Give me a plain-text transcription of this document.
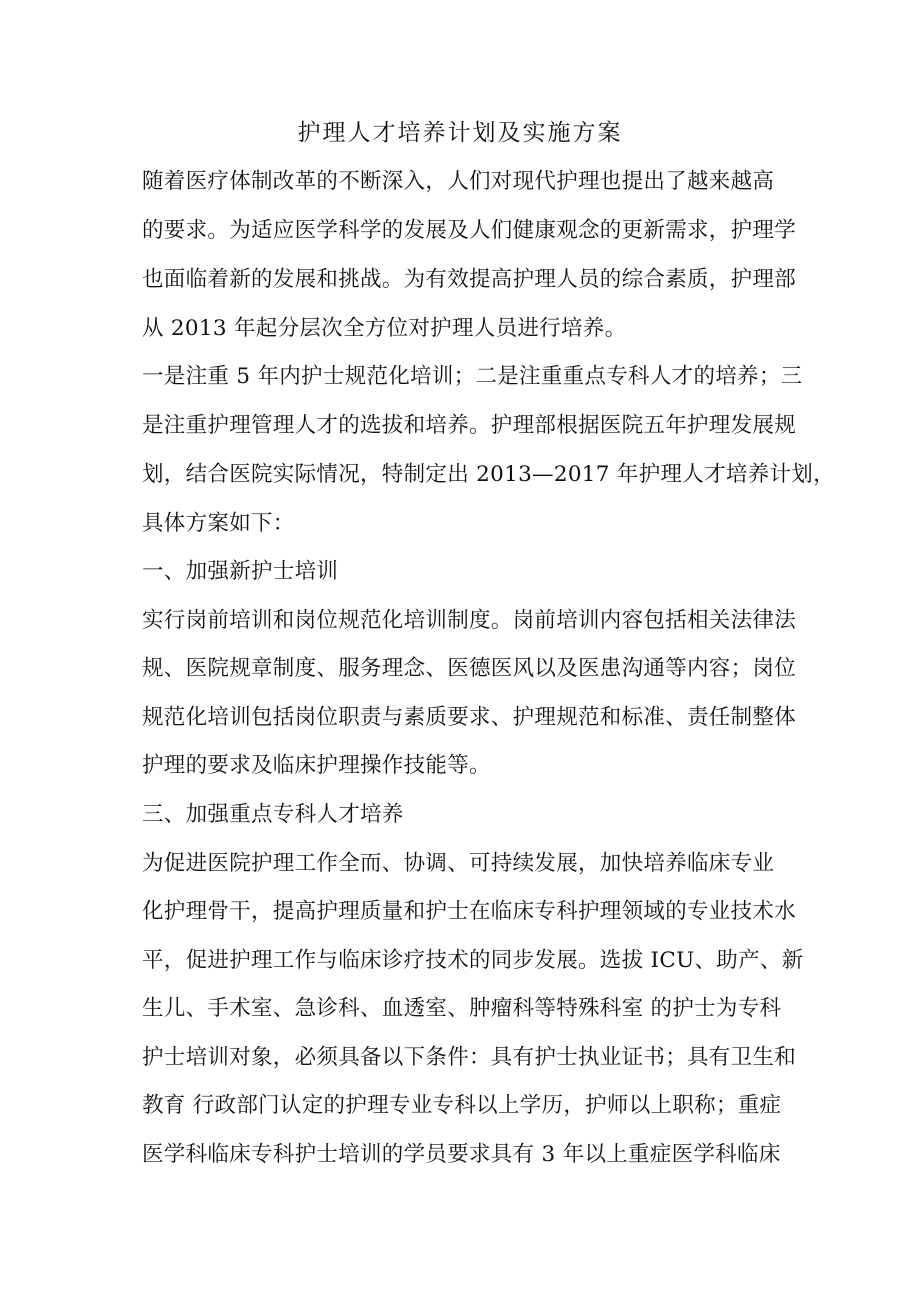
护理人才培养计划及实施方案
随着医疗体制改革的不断深入，人们对现代护理也提出了越来越高
的要求。为适应医学科学的发展及人们健康观念的更新需求，护理学
也面临着新的发展和挑战。为有效提高护理人员的综合素质，护理部
从 2013 年起分层次全方位对护理人员进行培养。
一是注重 5 年内护士规范化培训；二是注重重点专科人才的培养；三
是注重护理管理人才的选拔和培养。护理部根据医院五年护理发展规
划，结合医院实际情况，特制定出 2013—2017 年护理人才培养计划，
具体方案如下：
一、加强新护士培训
实行岗前培训和岗位规范化培训制度。岗前培训内容包括相关法律法
规、医院规章制度、服务理念、医德医风以及医患沟通等内容；岗位
规范化培训包括岗位职责与素质要求、护理规范和标准、责任制整体
护理的要求及临床护理操作技能等。
三、加强重点专科人才培养
为促进医院护理工作全而、协调、可持续发展，加快培养临床专业
化护理骨干，提高护理质量和护士在临床专科护理领域的专业技术水
平，促进护理工作与临床诊疗技术的同步发展。选拔 ICU、助产、新
生儿、手术室、急诊科、血透室、肿瘤科等特殊科室 的护士为专科
护士培训对象，必须具备以下条件：具有护士执业证书；具有卫生和
教育 行政部门认定的护理专业专科以上学历，护师以上职称；重症
医学科临床专科护士培训的学员要求具有 3 年以上重症医学科临床
